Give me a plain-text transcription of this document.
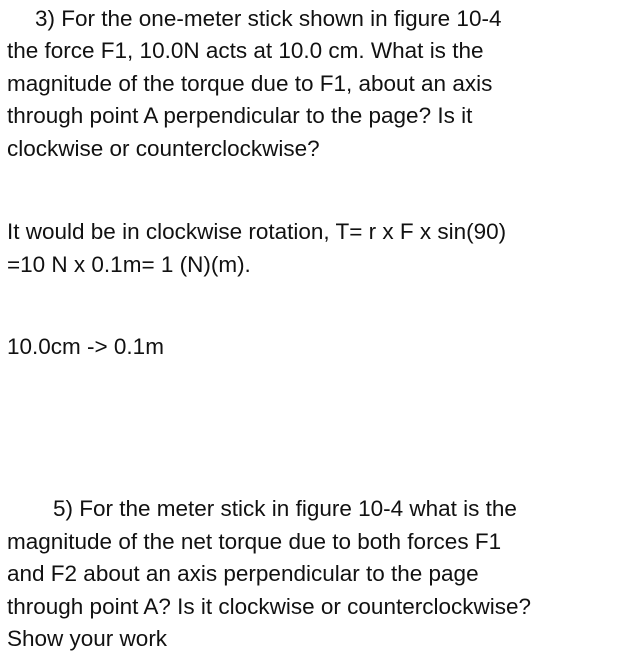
3) For the one-meter stick shown in figure 10-4
the force F1, 10.0N acts at 10.0 cm. What is the
magnitude of the torque due to F1, about an axis
through point A perpendicular to the page? Is it
clockwise or counterclockwise?
It would be in clockwise rotation, T= r x F x sin(90)
=10 N x 0.1m= 1 (N)(m).
10.0cm -> 0.1m
5) For the meter stick in figure 10-4 what is the
magnitude of the net torque due to both forces F1
and F2 about an axis perpendicular to the page
through point A? Is it clockwise or counterclockwise?
Show your work
